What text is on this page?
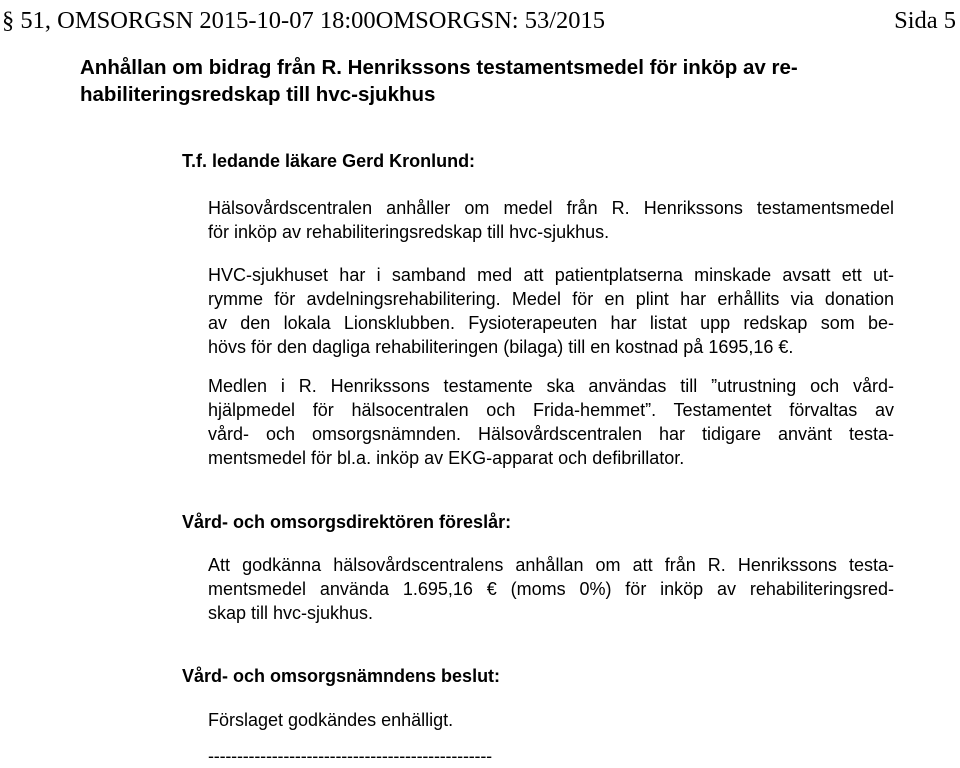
§ 51, OMSORGSN 2015-10-07 18:00OMSORGSN: 53/2015	Sida 5
Anhållan om bidrag från R. Henrikssons testamentsmedel för inköp av re-
habiliteringsredskap till hvc-sjukhus
T.f. ledande läkare Gerd Kronlund:
Hälsovårdscentralen anhåller om medel från R. Henrikssons testamentsmedel
för inköp av rehabiliteringsredskap till hvc-sjukhus.
HVC-sjukhuset har i samband med att patientplatserna minskade avsatt ett ut-
rymme för avdelningsrehabilitering. Medel för en plint har erhållits via donation
av den lokala Lionsklubben. Fysioterapeuten har listat upp redskap som be-
hövs för den dagliga rehabiliteringen (bilaga) till en kostnad på 1695,16 €.
Medlen i R. Henrikssons testamente ska användas till ”utrustning och vård-
hjälpmedel för hälsocentralen och Frida-hemmet”. Testamentet förvaltas av
vård- och omsorgsnämnden. Hälsovårdscentralen har tidigare använt testa-
mentsmedel för bl.a. inköp av EKG-apparat och defibrillator.
Vård- och omsorgsdirektören föreslår:
Att godkänna hälsovårdscentralens anhållan om att från R. Henrikssons testa-
mentsmedel använda 1.695,16 € (moms 0%) för inköp av rehabiliteringsred-
skap till hvc-sjukhus.
Vård- och omsorgsnämndens beslut:
Förslaget godkändes enhälligt.
-------------------------------------------------
